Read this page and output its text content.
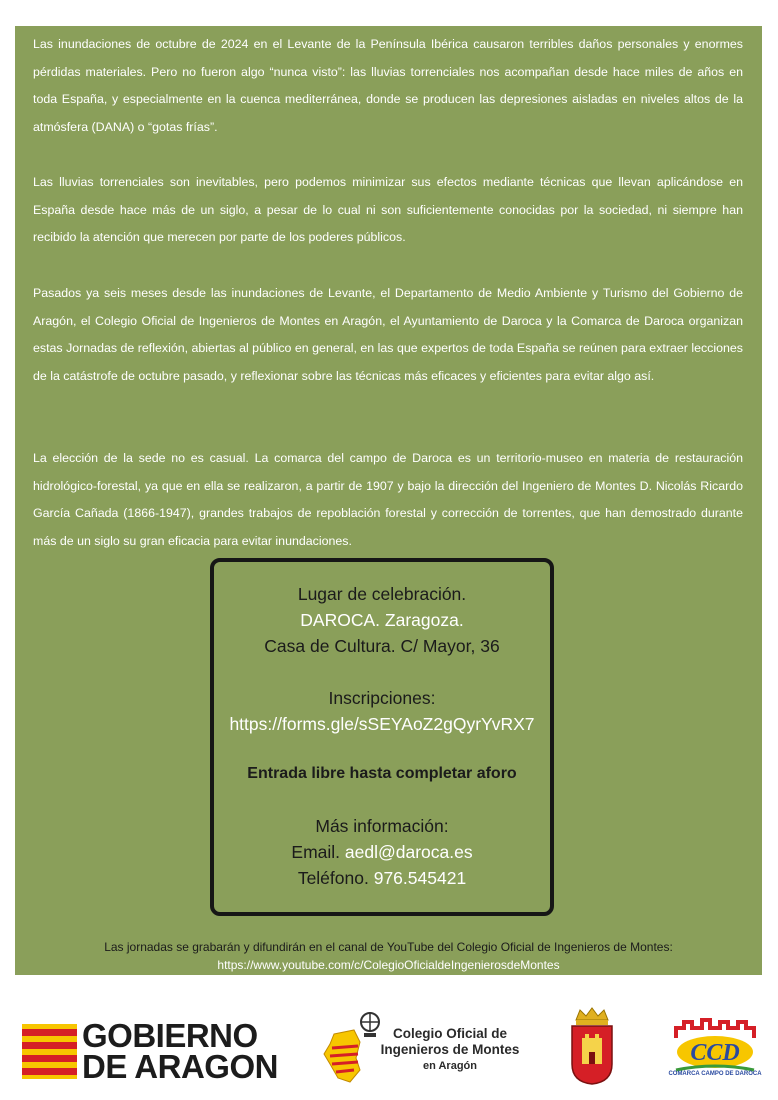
Las inundaciones de octubre de 2024 en el Levante de la Península Ibérica causaron terribles daños personales y enormes pérdidas materiales. Pero no fueron algo “nunca visto”: las lluvias torrenciales nos acompañan desde hace miles de años en toda España, y especialmente en la cuenca mediterránea, donde se producen las depresiones aisladas en niveles altos de la atmósfera (DANA) o “gotas frías”.

Las lluvias torrenciales son inevitables, pero podemos minimizar sus efectos mediante técnicas que llevan aplicándose en España desde hace más de un siglo, a pesar de lo cual ni son suficientemente conocidas por la sociedad, ni siempre han recibido la atención que merecen por parte de los poderes públicos.

Pasados ya seis meses desde las inundaciones de Levante, el Departamento de Medio Ambiente y Turismo del Gobierno de Aragón, el Colegio Oficial de Ingenieros de Montes en Aragón, el Ayuntamiento de Daroca y la Comarca de Daroca organizan estas Jornadas de reflexión, abiertas al público en general, en las que expertos de toda España se reúnen para extraer lecciones de la catástrofe de octubre pasado, y reflexionar sobre las técnicas más eficaces y eficientes para evitar algo así.

La elección de la sede no es casual. La comarca del campo de Daroca es un territorio-museo en materia de restauración hidrológico-forestal, ya que en ella se realizaron, a partir de 1907 y bajo la dirección del Ingeniero de Montes D. Nicolás Ricardo García Cañada (1866-1947), grandes trabajos de repoblación forestal y corrección de torrentes, que han demostrado durante más de un siglo su gran eficacia para evitar inundaciones.

Lugar de celebración.
DAROCA. Zaragoza.
Casa de Cultura. C/ Mayor, 36
Inscripciones:
https://forms.gle/sSEYAoZ2gQyrYvRX7
Entrada libre hasta completar aforo
Más información:
Email. aedl@daroca.es
Teléfono. 976.545421
Las jornadas se grabarán y difundirán en el canal de YouTube del Colegio Oficial de Ingenieros de Montes:
https://www.youtube.com/c/ColegioOficialdeIngenierosdeMontes
GOBIERNO
DE ARAGON
Colegio Oficial de
Ingenieros de Montes
en Aragón	CCD
COMARCA CAMPO DE DAROCA
